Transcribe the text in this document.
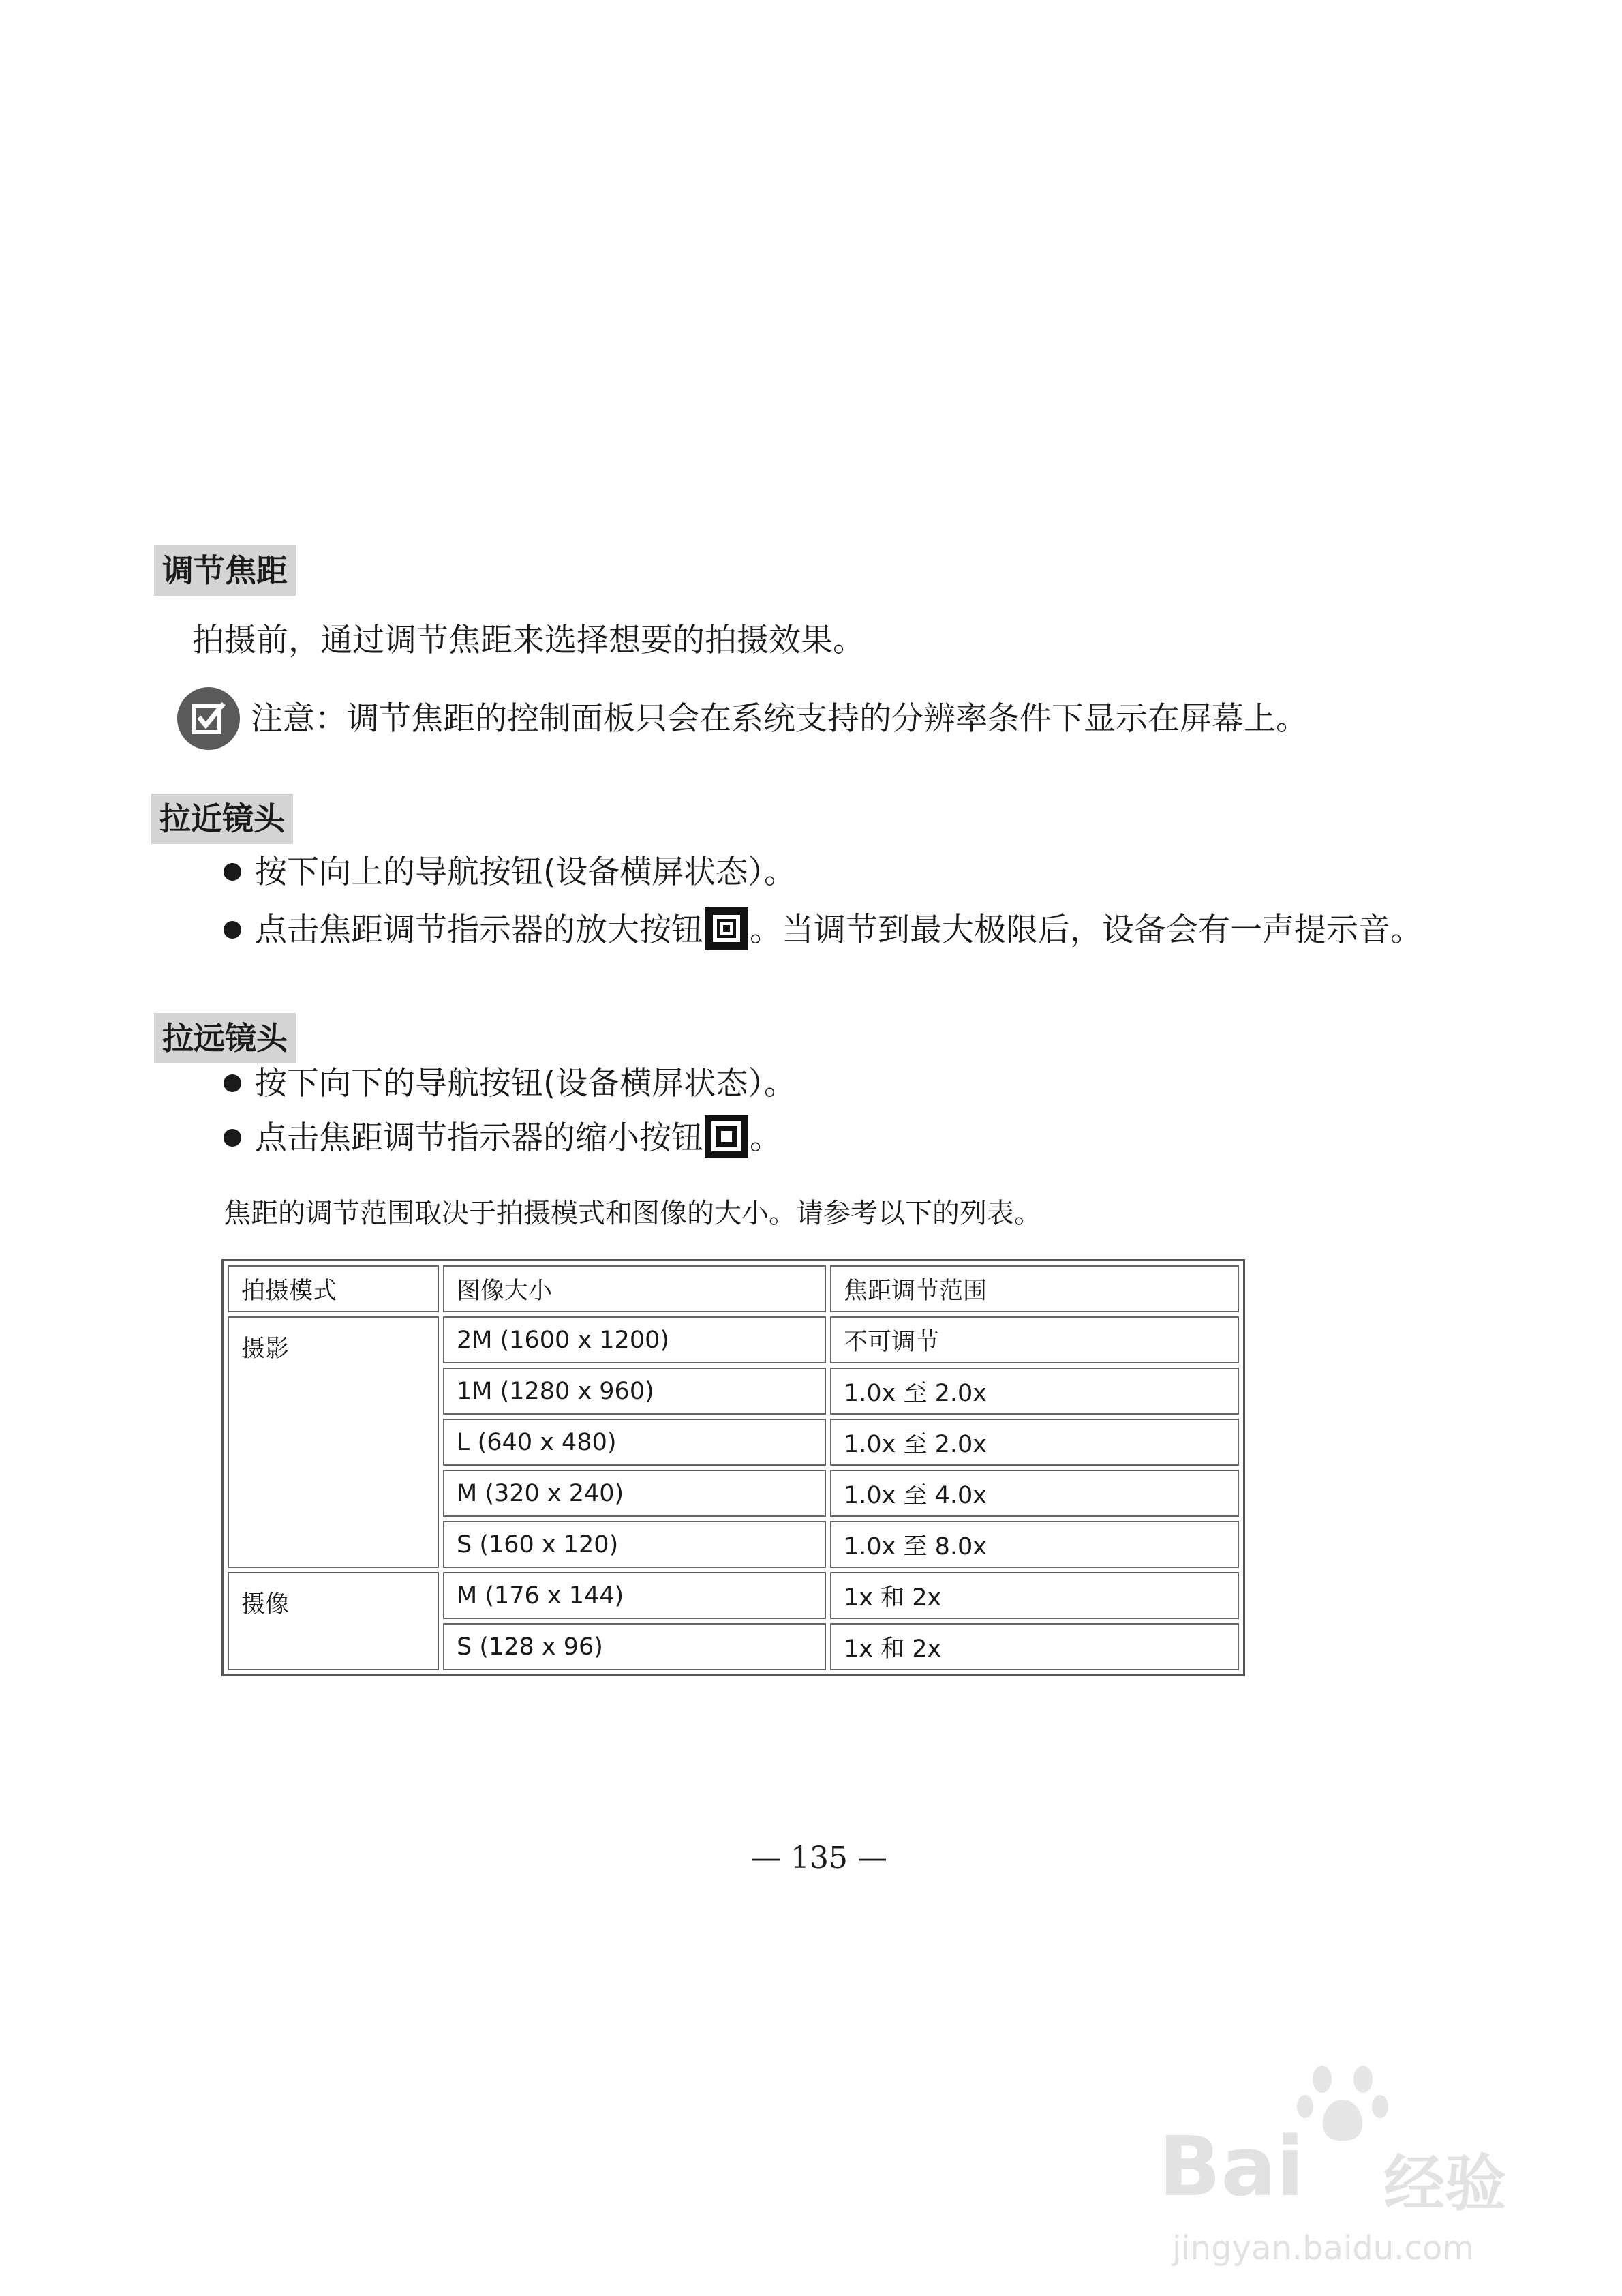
调节焦距
拍摄前，通过调节焦距来选择想要的拍摄效果。
注意：调节焦距的控制面板只会在系统支持的分辨率条件下显示在屏幕上。
拉近镜头
按下向上的导航按钮(设备横屏状态）。
点击焦距调节指示器的放大按钮 。当调节到最大极限后，设备会有一声提示音。
拉远镜头
按下向下的导航按钮(设备横屏状态）。
点击焦距调节指示器的缩小按钮 。
焦距的调节范围取决于拍摄模式和图像的大小。请参考以下的列表。
拍摄模式	图像大小	焦距调节范围
摄影	2M (1600 x 1200)	不可调节
	1M (1280 x 960)	1.0x 至 2.0x
	L (640 x 480)	1.0x 至 2.0x
	M (320 x 240)	1.0x 至 4.0x
	S (160 x 120)	1.0x 至 8.0x
摄像	M (176 x 144)	1x 和 2x
	S (128 x 96)	1x 和 2x
— 135 —
Bai 经验
jingyan.baidu.com
